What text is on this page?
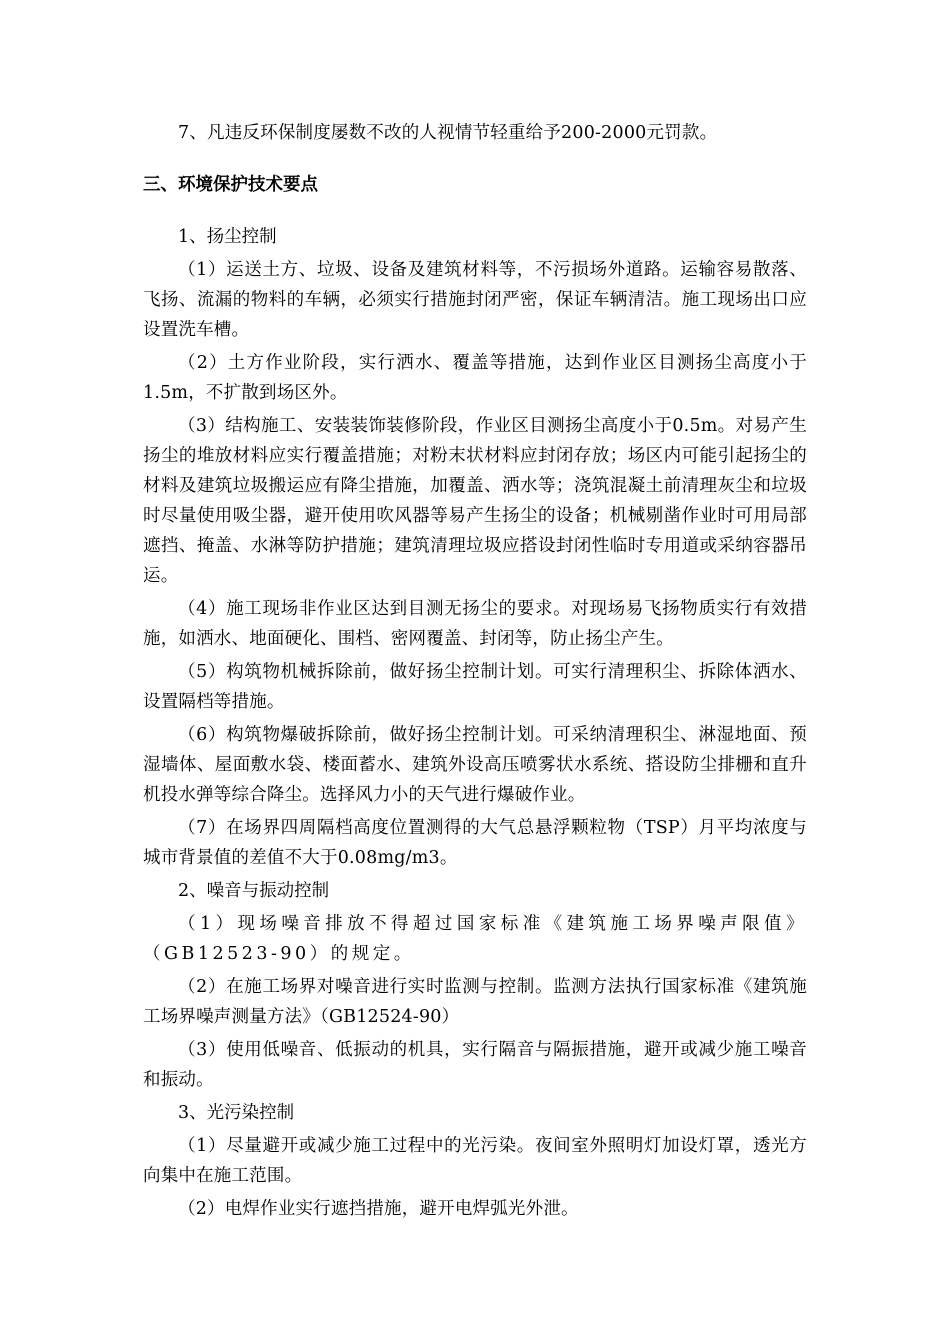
7、凡违反环保制度屡数不改的人视情节轻重给予200-2000元罚款。

三、环境保护技术要点

1、扬尘控制

（1）运送土方、垃圾、设备及建筑材料等，不污损场外道路。运输容易散落、飞扬、流漏的物料的车辆，必须实行措施封闭严密，保证车辆清洁。施工现场出口应设置洗车槽。

（2）土方作业阶段，实行洒水、覆盖等措施，达到作业区目测扬尘高度小于1.5m，不扩散到场区外。

（3）结构施工、安装装饰装修阶段，作业区目测扬尘高度小于0.5m。对易产生扬尘的堆放材料应实行覆盖措施；对粉末状材料应封闭存放；场区内可能引起扬尘的材料及建筑垃圾搬运应有降尘措施，加覆盖、洒水等；浇筑混凝土前清理灰尘和垃圾时尽量使用吸尘器，避开使用吹风器等易产生扬尘的设备；机械剔凿作业时可用局部遮挡、掩盖、水淋等防护措施；建筑清理垃圾应搭设封闭性临时专用道或采纳容器吊运。

（4）施工现场非作业区达到目测无扬尘的要求。对现场易飞扬物质实行有效措施，如洒水、地面硬化、围档、密网覆盖、封闭等，防止扬尘产生。

（5）构筑物机械拆除前，做好扬尘控制计划。可实行清理积尘、拆除体洒水、设置隔档等措施。

（6）构筑物爆破拆除前，做好扬尘控制计划。可采纳清理积尘、淋湿地面、预湿墙体、屋面敷水袋、楼面蓄水、建筑外设高压喷雾状水系统、搭设防尘排栅和直升机投水弹等综合降尘。选择风力小的天气进行爆破作业。

（7）在场界四周隔档高度位置测得的大气总悬浮颗粒物（TSP）月平均浓度与城市背景值的差值不大于0.08mg/m3。

2、噪音与振动控制

（1）现场噪音排放不得超过国家标准《建筑施工场界噪声限值》（GB12523-90）的规定。

（2）在施工场界对噪音进行实时监测与控制。监测方法执行国家标准《建筑施工场界噪声测量方法》（GB12524-90）

（3）使用低噪音、低振动的机具，实行隔音与隔振措施，避开或减少施工噪音和振动。

3、光污染控制

（1）尽量避开或减少施工过程中的光污染。夜间室外照明灯加设灯罩，透光方向集中在施工范围。

（2）电焊作业实行遮挡措施，避开电焊弧光外泄。
